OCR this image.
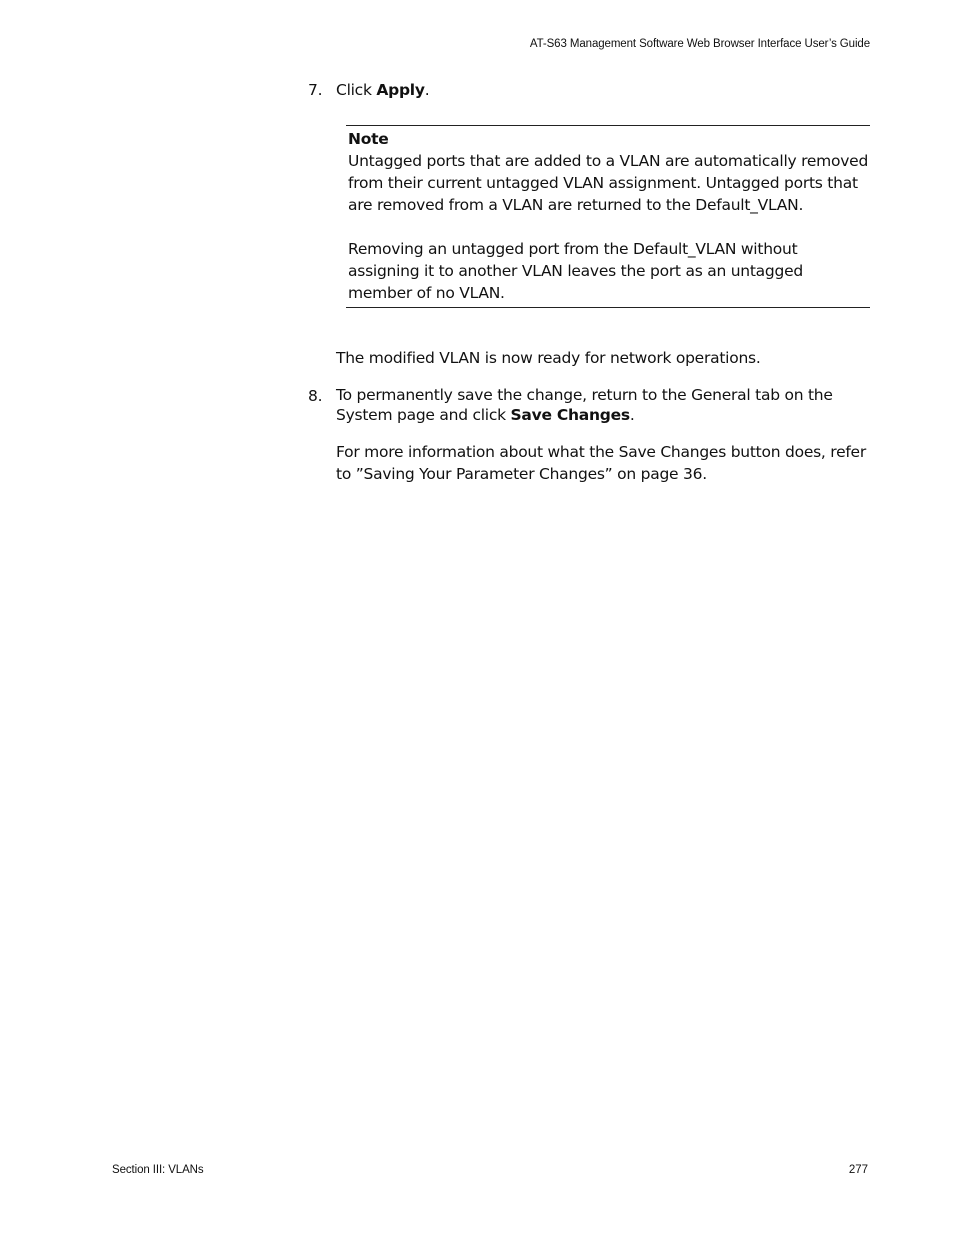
AT-S63 Management Software Web Browser Interface User’s Guide
7. Click Apply.
Note

Untagged ports that are added to a VLAN are automatically removed from their current untagged VLAN assignment. Untagged ports that are removed from a VLAN are returned to the Default_VLAN.

Removing an untagged port from the Default_VLAN without assigning it to another VLAN leaves the port as an untagged member of no VLAN.

The modified VLAN is now ready for network operations.
8. To permanently save the change, return to the General tab on the System page and click Save Changes.
For more information about what the Save Changes button does, refer to ”Saving Your Parameter Changes” on page 36.
Section III: VLANs	277
